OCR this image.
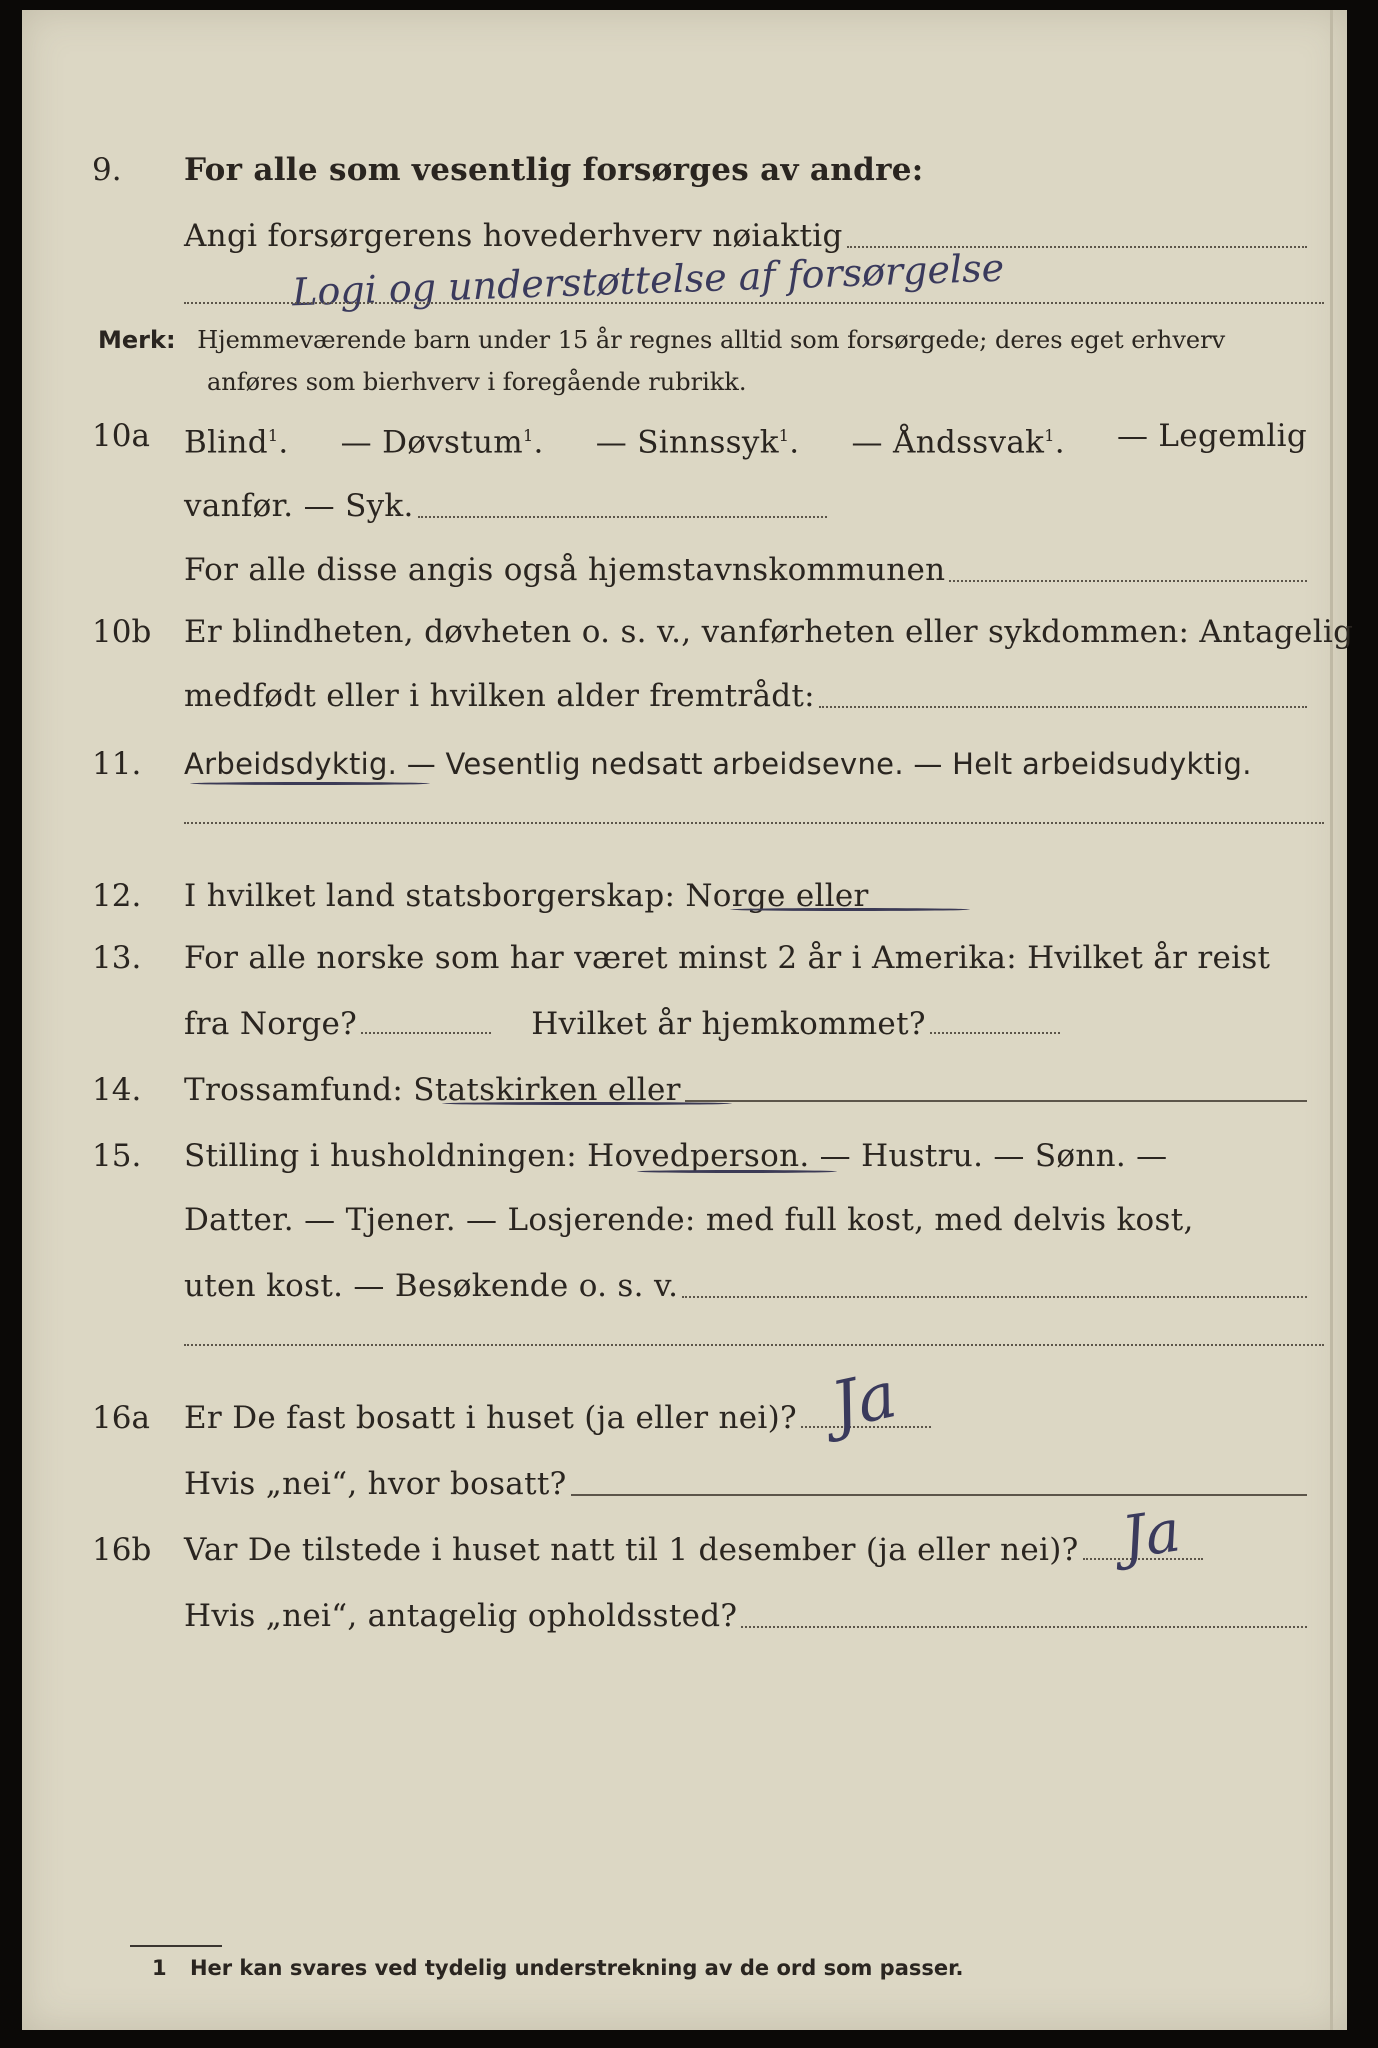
9. For alle som vesentlig forsørges av andre:
Angi forsørgerens hovederhverv nøiaktig
Logi og understøttelse af forsørgelse
Merk: Hjemmeværende barn under 15 år regnes alltid som forsørgede; deres eget erhverv
anføres som bierhverv i foregående rubrikk.
10a Blind$^1$. — Døvstum$^1$. — Sinnssyk$^1$. — Åndssvak$^1$. — Legemlig
vanfør. — Syk.
For alle disse angis også hjemstavnskommunen
10b Er blindheten, døvheten o. s. v., vanførheten eller sykdommen: Antagelig
medfødt eller i hvilken alder fremtrådt:
11. Arbeidsdyktig. — Vesentlig nedsatt arbeidsevne. — Helt arbeidsudyktig.
12. I hvilket land statsborgerskap: Norge eller
13. For alle norske som har været minst 2 år i Amerika: Hvilket år reist
fra Norge?	Hvilket år hjemkommet?
14. Trossamfund: Statskirken eller
15. Stilling i husholdningen: Hovedperson. — Hustru. — Sønn. —
Datter. — Tjener. — Losjerende: med full kost, med delvis kost,
uten kost. — Besøkende o. s. v.
16a Er De fast bosatt i huset (ja eller nei)? Ja
Hvis „nei“, hvor bosatt?
16b Var De tilstede i huset natt til 1 desember (ja eller nei)? Ja
Hvis „nei“, antagelig opholdssted?
1 Her kan svares ved tydelig understrekning av de ord som passer.
